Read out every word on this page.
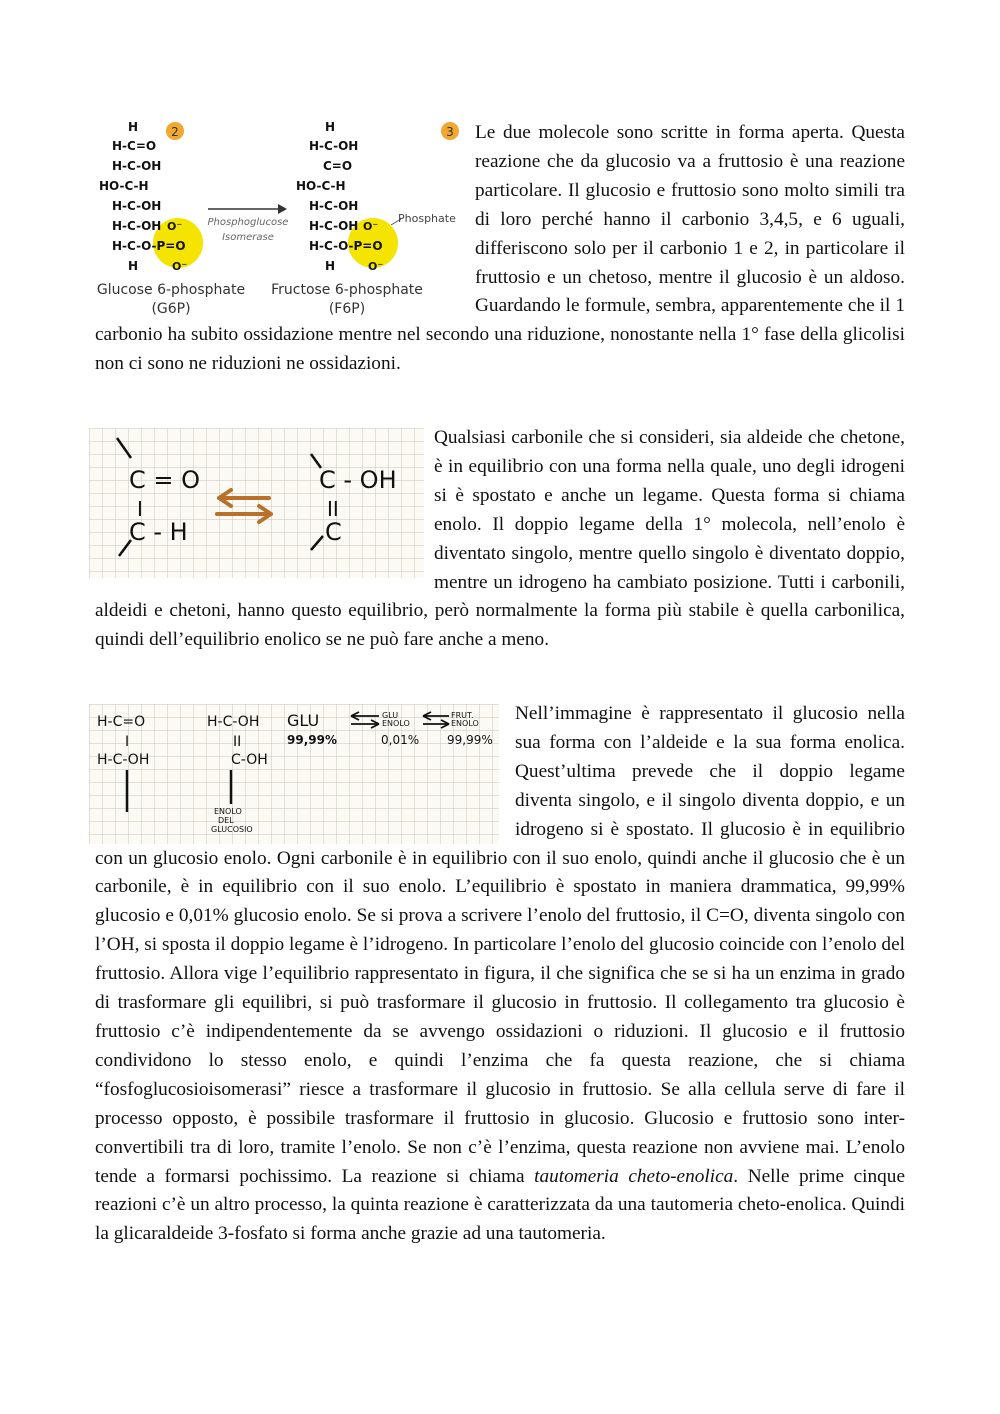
2	3
H
H-C=O
H-C-OH
HO-C-H
H-C-OH
H-C-OH
H-C-O-P=O
H
O⁻
O⁻
Phosphoglucose
Isomerase
H
H-C-OH
C=O
HO-C-H
H-C-OH
H-C-OH
H-C-O-P=O
H
O⁻
O⁻
Phosphate
Glucose 6-phosphate
(G6P)
Fructose 6-phosphate
(F6P)

Le due molecole sono scritte in forma aperta. Questa reazione che da glucosio va a fruttosio è una reazione particolare. Il glucosio e fruttosio sono molto simili tra di loro perché hanno il carbonio 3,4,5, e 6 uguali, differiscono solo per il carbonio 1 e 2, in particolare il fruttosio e un chetoso, mentre il glucosio è un aldoso. Guardando le formule, sembra, apparentemente che il 1 carbonio ha subito ossidazione mentre nel secondo una riduzione, nonostante nella 1° fase della glicolisi non ci sono ne riduzioni ne ossidazioni.

C = O
I
C - H
C - OH
II
C

Qualsiasi carbonile che si consideri, sia aldeide che chetone, è in equilibrio con una forma nella quale, uno degli idrogeni si è spostato e anche un legame. Questa forma si chiama enolo. Il doppio legame della 1° molecola, nell’enolo è diventato singolo, mentre quello singolo è diventato doppio, mentre un idrogeno ha cambiato posizione. Tutti i carbonili, aldeidi e chetoni, hanno questo equilibrio, però normalmente la forma più stabile è quella carbonilica, quindi dell’equilibrio enolico se ne può fare anche a meno.

H-C=O
I
H-C-OH
H-C-OH
II
C-OH
GLU
99,99%
ENOLO
DEL
GLUCOSIO
GLU
ENOLO
0,01%
FRUT.
ENOLO
99,99%

Nell’immagine è rappresentato il glucosio nella sua forma con l’aldeide e la sua forma enolica. Quest’ultima prevede che il doppio legame diventa singolo, e il singolo diventa doppio, e un idrogeno si è spostato. Il glucosio è in equilibrio con un glucosio enolo. Ogni carbonile è in equilibrio con il suo enolo, quindi anche il glucosio che è un carbonile, è in equilibrio con il suo enolo. L’equilibrio è spostato in maniera drammatica, 99,99% glucosio e 0,01% glucosio enolo. Se si prova a scrivere l’enolo del fruttosio, il C=O, diventa singolo con l’OH, si sposta il doppio legame è l’idrogeno. In particolare l’enolo del glucosio coincide con l’enolo del fruttosio. Allora vige l’equilibrio rappresentato in figura, il che significa che se si ha un enzima in grado di trasformare gli equilibri, si può trasformare il glucosio in fruttosio. Il collegamento tra glucosio è fruttosio c’è indipendentemente da se avvengo ossidazioni o riduzioni. Il glucosio e il fruttosio condividono lo stesso enolo, e quindi l’enzima che fa questa reazione, che si chiama “fosfoglucosioisomerasi” riesce a trasformare il glucosio in fruttosio. Se alla cellula serve di fare il processo opposto, è possibile trasformare il fruttosio in glucosio. Glucosio e fruttosio sono inter-convertibili tra di loro, tramite l’enolo. Se non c’è l’enzima, questa reazione non avviene mai. L’enolo tende a formarsi pochissimo. La reazione si chiama tautomeria cheto-enolica. Nelle prime cinque reazioni c’è un altro processo, la quinta reazione è caratterizzata da una tautomeria cheto-enolica. Quindi la glicaraldeide 3-fosfato si forma anche grazie ad una tautomeria.
